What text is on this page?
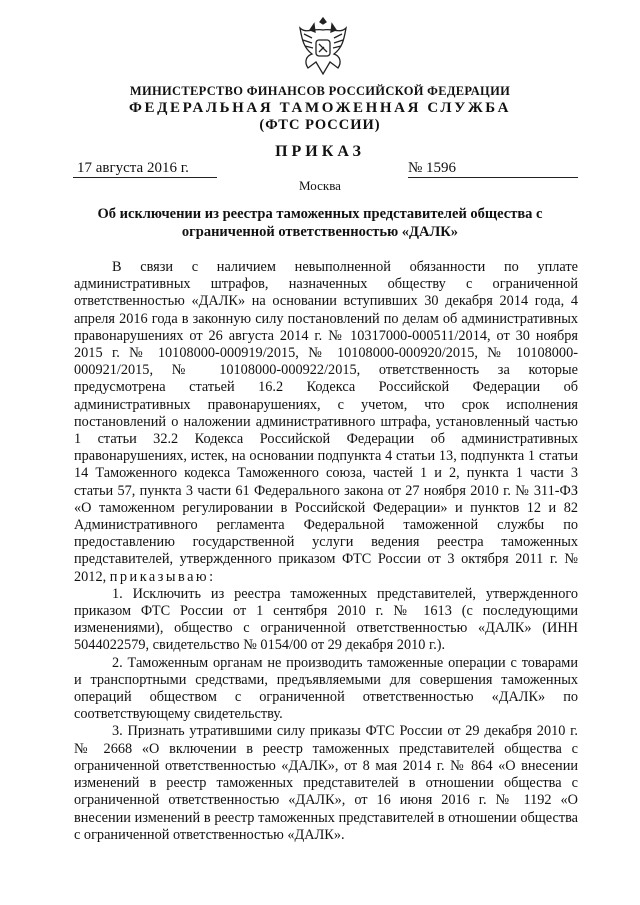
МИНИСТЕРСТВО ФИНАНСОВ РОССИЙСКОЙ ФЕДЕРАЦИИ
ФЕДЕРАЛЬНАЯ ТАМОЖЕННАЯ СЛУЖБА
(ФТС РОССИИ)
ПРИКАЗ
17 августа 2016 г.	№ 1596
Москва
Об исключении из реестра таможенных представителей общества с ограниченной ответственностью «ДАЛК»

В связи с наличием невыполненной обязанности по уплате административных штрафов, назначенных обществу с ограниченной ответственностью «ДАЛК» на основании вступивших 30 декабря 2014 года, 4 апреля 2016 года в законную силу постановлений по делам об административных правонарушениях от 26 августа 2014 г. № 10317000-000511/2014, от 30 ноября 2015 г. № 10108000-000919/2015, № 10108000-000920/2015, № 10108000-000921/2015, № 10108000-000922/2015, ответственность за которые предусмотрена статьей 16.2 Кодекса Российской Федерации об административных правонарушениях, с учетом, что срок исполнения постановлений о наложении административного штрафа, установленный частью 1 статьи 32.2 Кодекса Российской Федерации об административных правонарушениях, истек, на основании подпункта 4 статьи 13, подпункта 1 статьи 14 Таможенного кодекса Таможенного союза, частей 1 и 2, пункта 1 части 3 статьи 57, пункта 3 части 61 Федерального закона от 27 ноября 2010 г. № 311-ФЗ «О таможенном регулировании в Российской Федерации» и пунктов 12 и 82 Административного регламента Федеральной таможенной службы по предоставлению государственной услуги ведения реестра таможенных представителей, утвержденного приказом ФТС России от 3 октября 2011 г. № 2012, приказываю:

1. Исключить из реестра таможенных представителей, утвержденного приказом ФТС России от 1 сентября 2010 г. № 1613 (с последующими изменениями), общество с ограниченной ответственностью «ДАЛК» (ИНН 5044022579, свидетельство № 0154/00 от 29 декабря 2010 г.).

2. Таможенным органам не производить таможенные операции с товарами и транспортными средствами, предъявляемыми для совершения таможенных операций обществом с ограниченной ответственностью «ДАЛК» по соответствующему свидетельству.

3. Признать утратившими силу приказы ФТС России от 29 декабря 2010 г. № 2668 «О включении в реестр таможенных представителей общества с ограниченной ответственностью «ДАЛК», от 8 мая 2014 г. № 864 «О внесении изменений в реестр таможенных представителей в отношении общества с ограниченной ответственностью «ДАЛК», от 16 июня 2016 г. № 1192 «О внесении изменений в реестр таможенных представителей в отношении общества с ограниченной ответственностью «ДАЛК».
